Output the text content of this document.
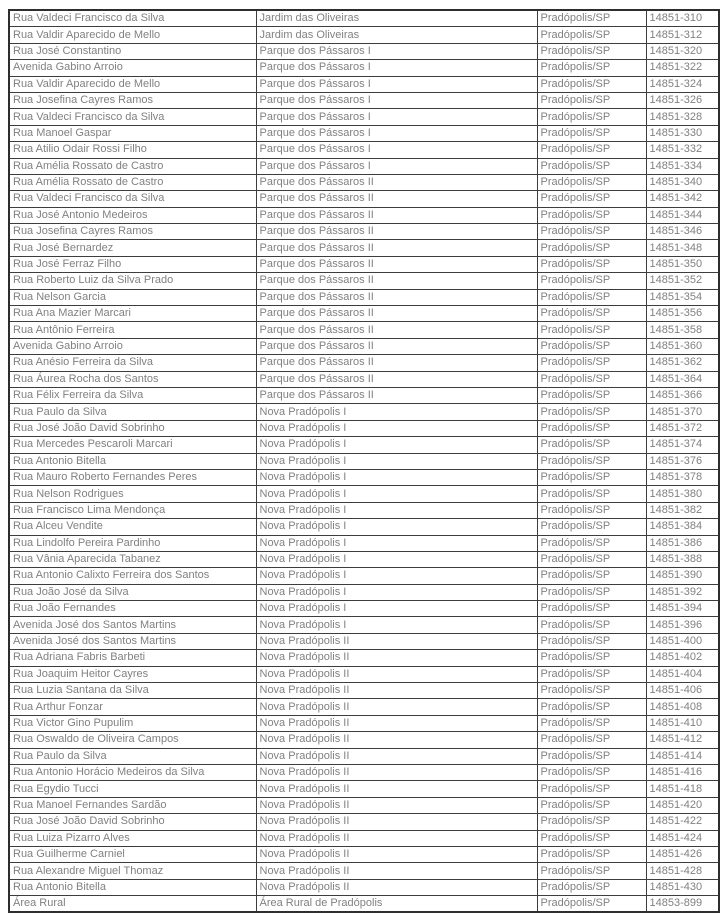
Rua Valdeci Francisco da Silva	Jardim das Oliveiras	Pradópolis/SP	14851-310
Rua Valdir Aparecido de Mello	Jardim das Oliveiras	Pradópolis/SP	14851-312
Rua José Constantino	Parque dos Pássaros I	Pradópolis/SP	14851-320
Avenida Gabino Arroio	Parque dos Pássaros I	Pradópolis/SP	14851-322
Rua Valdir Aparecido de Mello	Parque dos Pássaros I	Pradópolis/SP	14851-324
Rua Josefina Cayres Ramos	Parque dos Pássaros I	Pradópolis/SP	14851-326
Rua Valdeci Francisco da Silva	Parque dos Pássaros I	Pradópolis/SP	14851-328
Rua Manoel Gaspar	Parque dos Pássaros I	Pradópolis/SP	14851-330
Rua Atilio Odair Rossi Filho	Parque dos Pássaros I	Pradópolis/SP	14851-332
Rua Amélia Rossato de Castro	Parque dos Pássaros I	Pradópolis/SP	14851-334
Rua Amélia Rossato de Castro	Parque dos Pássaros II	Pradópolis/SP	14851-340
Rua Valdeci Francisco da Silva	Parque dos Pássaros II	Pradópolis/SP	14851-342
Rua José Antonio Medeiros	Parque dos Pássaros II	Pradópolis/SP	14851-344
Rua Josefina Cayres Ramos	Parque dos Pássaros II	Pradópolis/SP	14851-346
Rua José Bernardez	Parque dos Pássaros II	Pradópolis/SP	14851-348
Rua José Ferraz Filho	Parque dos Pássaros II	Pradópolis/SP	14851-350
Rua Roberto Luiz da Silva Prado	Parque dos Pássaros II	Pradópolis/SP	14851-352
Rua Nelson Garcia	Parque dos Pássaros II	Pradópolis/SP	14851-354
Rua Ana Mazier Marcari	Parque dos Pássaros II	Pradópolis/SP	14851-356
Rua Antônio Ferreira	Parque dos Pássaros II	Pradópolis/SP	14851-358
Avenida Gabino Arroio	Parque dos Pássaros II	Pradópolis/SP	14851-360
Rua Anésio Ferreira da Silva	Parque dos Pássaros II	Pradópolis/SP	14851-362
Rua Áurea Rocha dos Santos	Parque dos Pássaros II	Pradópolis/SP	14851-364
Rua Félix Ferreira da Silva	Parque dos Pássaros II	Pradópolis/SP	14851-366
Rua Paulo da Silva	Nova Pradópolis I	Pradópolis/SP	14851-370
Rua José João David Sobrinho	Nova Pradópolis I	Pradópolis/SP	14851-372
Rua Mercedes Pescaroli Marcari	Nova Pradópolis I	Pradópolis/SP	14851-374
Rua Antonio Bitella	Nova Pradópolis I	Pradópolis/SP	14851-376
Rua Mauro Roberto Fernandes Peres	Nova Pradópolis I	Pradópolis/SP	14851-378
Rua Nelson Rodrigues	Nova Pradópolis I	Pradópolis/SP	14851-380
Rua Francisco Lima Mendonça	Nova Pradópolis I	Pradópolis/SP	14851-382
Rua Alceu Vendite	Nova Pradópolis I	Pradópolis/SP	14851-384
Rua Lindolfo Pereira Pardinho	Nova Pradópolis I	Pradópolis/SP	14851-386
Rua Vânia Aparecida Tabanez	Nova Pradópolis I	Pradópolis/SP	14851-388
Rua Antonio Calixto Ferreira dos Santos	Nova Pradópolis I	Pradópolis/SP	14851-390
Rua João José da Silva	Nova Pradópolis I	Pradópolis/SP	14851-392
Rua João Fernandes	Nova Pradópolis I	Pradópolis/SP	14851-394
Avenida José dos Santos Martins	Nova Pradópolis I	Pradópolis/SP	14851-396
Avenida José dos Santos Martins	Nova Pradópolis II	Pradópolis/SP	14851-400
Rua Adriana Fabris Barbeti	Nova Pradópolis II	Pradópolis/SP	14851-402
Rua Joaquim Heitor Cayres	Nova Pradópolis II	Pradópolis/SP	14851-404
Rua Luzia Santana da Silva	Nova Pradópolis II	Pradópolis/SP	14851-406
Rua Arthur Fonzar	Nova Pradópolis II	Pradópolis/SP	14851-408
Rua Victor Gino Pupulim	Nova Pradópolis II	Pradópolis/SP	14851-410
Rua Oswaldo de Oliveira Campos	Nova Pradópolis II	Pradópolis/SP	14851-412
Rua Paulo da Silva	Nova Pradópolis II	Pradópolis/SP	14851-414
Rua Antonio Horácio Medeiros da Silva	Nova Pradópolis II	Pradópolis/SP	14851-416
Rua Egydio Tucci	Nova Pradópolis II	Pradópolis/SP	14851-418
Rua Manoel Fernandes Sardão	Nova Pradópolis II	Pradópolis/SP	14851-420
Rua José João David Sobrinho	Nova Pradópolis II	Pradópolis/SP	14851-422
Rua Luiza Pizarro Alves	Nova Pradópolis II	Pradópolis/SP	14851-424
Rua Guilherme Carniel	Nova Pradópolis II	Pradópolis/SP	14851-426
Rua Alexandre Miguel Thomaz	Nova Pradópolis II	Pradópolis/SP	14851-428
Rua Antonio Bitella	Nova Pradópolis II	Pradópolis/SP	14851-430
Área Rural	Área Rural de Pradópolis	Pradópolis/SP	14853-899
